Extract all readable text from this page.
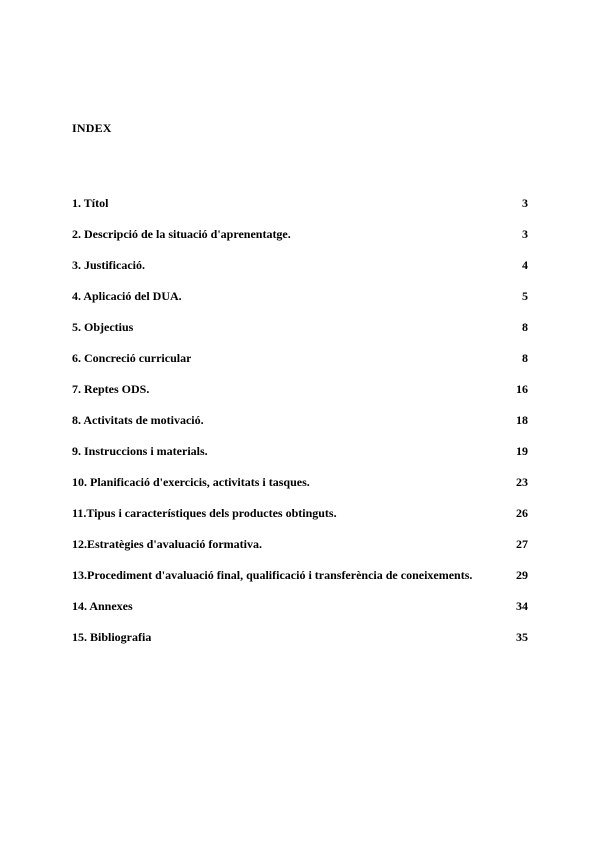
INDEX
1. Títol	3
2. Descripció de la situació d'aprenentatge.	3
3. Justificació.	4
4. Aplicació del DUA.	5
5. Objectius	8
6. Concreció curricular	8
7. Reptes ODS.	16
8. Activitats de motivació.	18
9. Instruccions i materials.	19
10. Planificació d'exercicis, activitats i tasques.	23
11.Tipus i característiques dels productes obtinguts.	26
12.Estratègies d'avaluació formativa.	27
13.Procediment d'avaluació final, qualificació i transferència de coneixements.	29
14. Annexes	34
15. Bibliografia	35
